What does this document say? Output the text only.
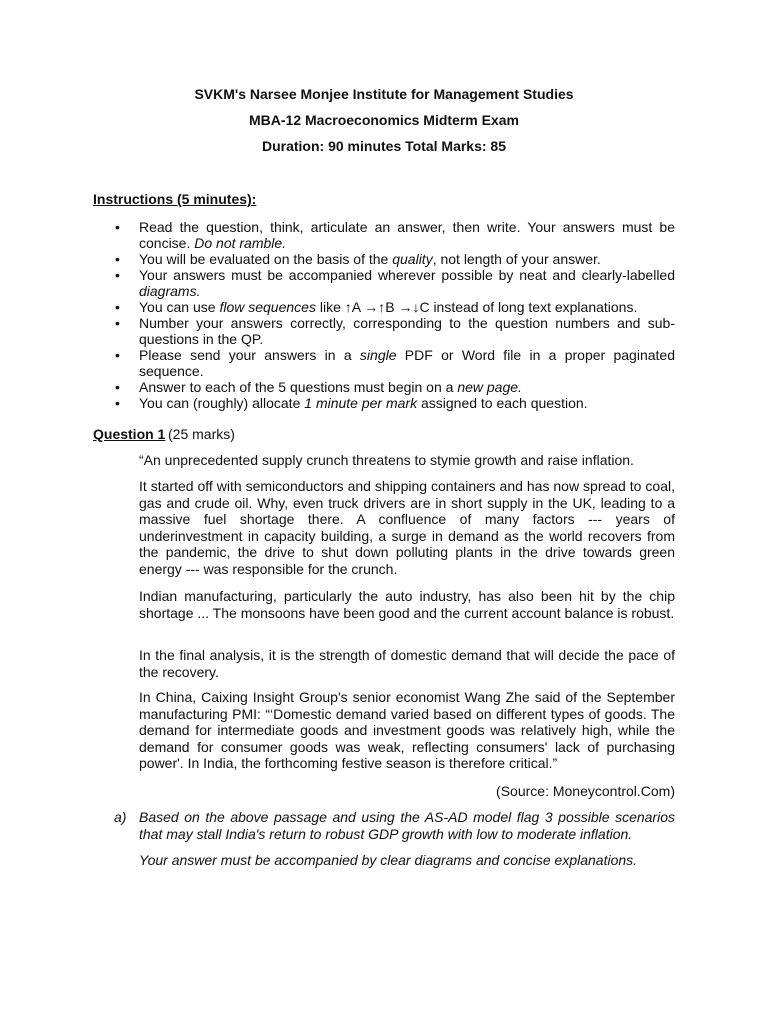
SVKM's Narsee Monjee Institute for Management Studies
MBA-12 Macroeconomics Midterm Exam
Duration: 90 minutes Total Marks: 85
Instructions (5 minutes):
• Read the question, think, articulate an answer, then write. Your answers must be concise. Do not ramble.
• You will be evaluated on the basis of the quality, not length of your answer.
• Your answers must be accompanied wherever possible by neat and clearly-labelled diagrams.
• You can use flow sequences like ↑A →↑B →↓C instead of long text explanations.
• Number your answers correctly, corresponding to the question numbers and sub-questions in the QP.
• Please send your answers in a single PDF or Word file in a proper paginated sequence.
• Answer to each of the 5 questions must begin on a new page.
• You can (roughly) allocate 1 minute per mark assigned to each question.
Question 1 (25 marks)

“An unprecedented supply crunch threatens to stymie growth and raise inflation.

It started off with semiconductors and shipping containers and has now spread to coal, gas and crude oil. Why, even truck drivers are in short supply in the UK, leading to a massive fuel shortage there. A confluence of many factors --- years of underinvestment in capacity building, a surge in demand as the world recovers from the pandemic, the drive to shut down polluting plants in the drive towards green energy --- was responsible for the crunch.

Indian manufacturing, particularly the auto industry, has also been hit by the chip shortage ... The monsoons have been good and the current account balance is robust.

In the final analysis, it is the strength of domestic demand that will decide the pace of the recovery.

In China, Caixing Insight Group's senior economist Wang Zhe said of the September manufacturing PMI: “‘Domestic demand varied based on different types of goods. The demand for intermediate goods and investment goods was relatively high, while the demand for consumer goods was weak, reflecting consumers' lack of purchasing power'. In India, the forthcoming festive season is therefore critical.”

(Source: Moneycontrol.Com)
a) Based on the above passage and using the AS-AD model flag 3 possible scenarios that may stall India's return to robust GDP growth with low to moderate inflation.
Your answer must be accompanied by clear diagrams and concise explanations.
